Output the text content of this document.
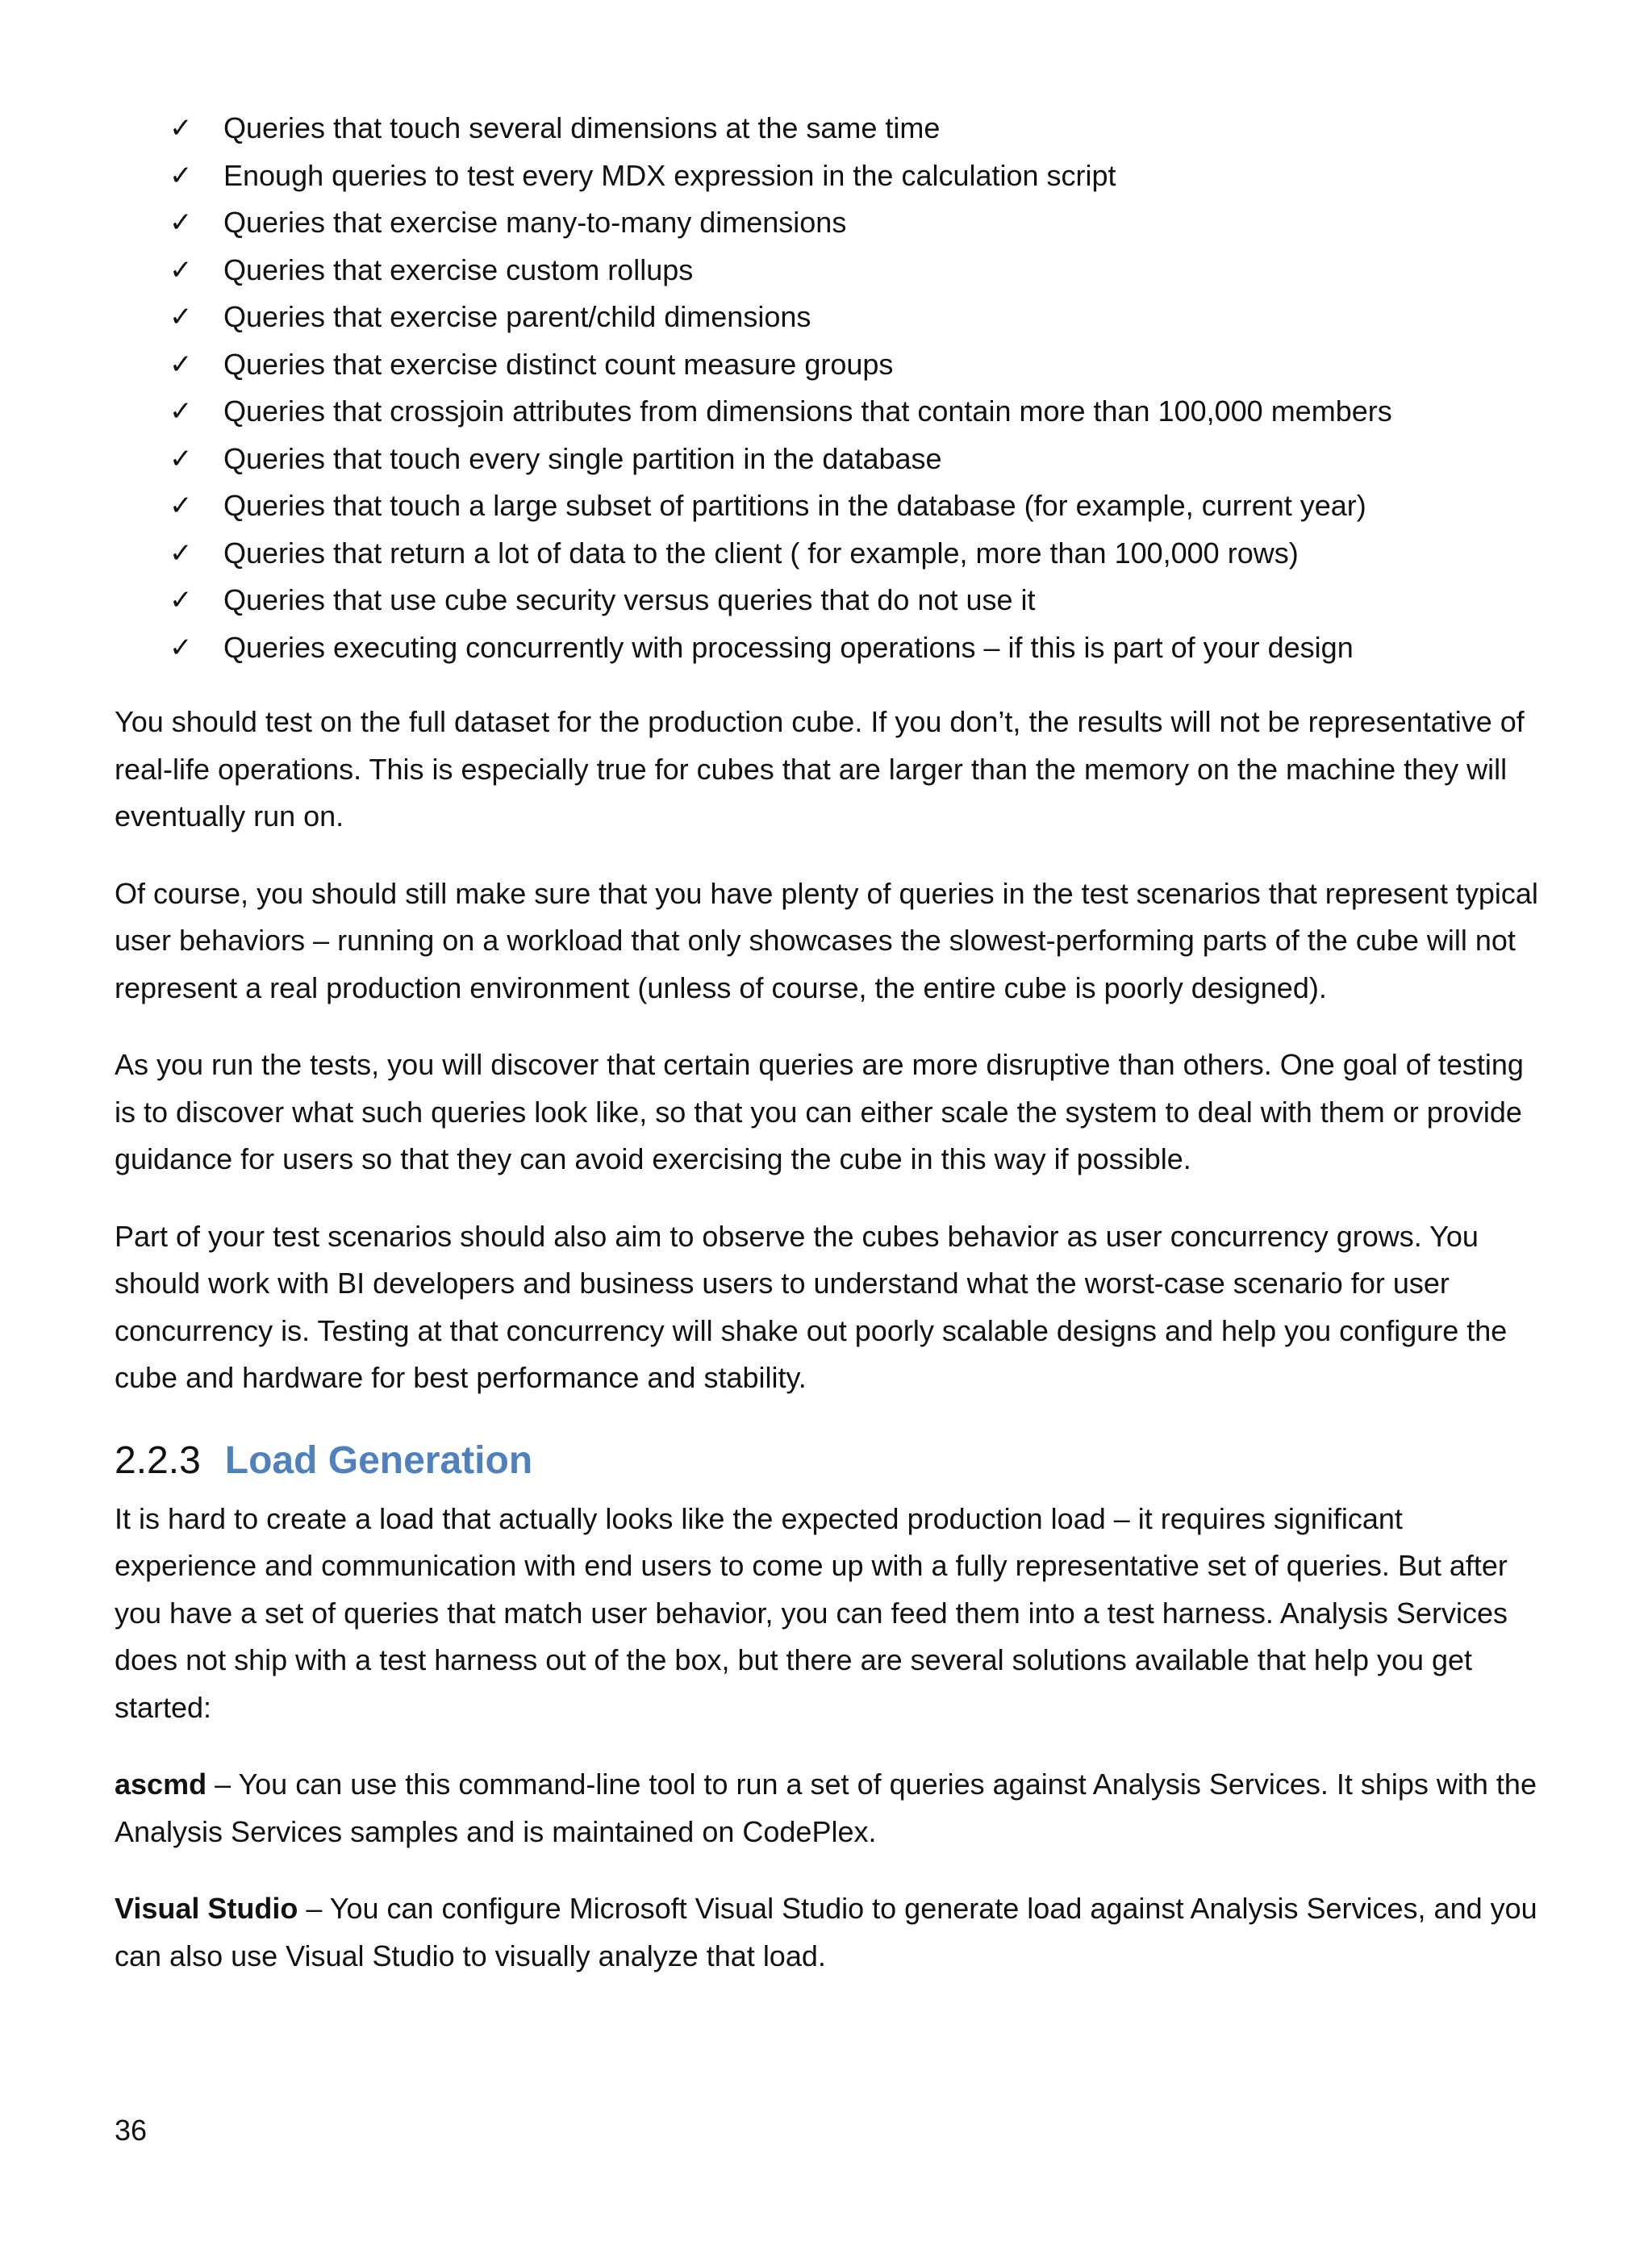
✓ Queries that touch several dimensions at the same time
✓ Enough queries to test every MDX expression in the calculation script
✓ Queries that exercise many-to-many dimensions
✓ Queries that exercise custom rollups
✓ Queries that exercise parent/child dimensions
✓ Queries that exercise distinct count measure groups
✓ Queries that crossjoin attributes from dimensions that contain more than 100,000 members
✓ Queries that touch every single partition in the database
✓ Queries that touch a large subset of partitions in the database (for example, current year)
✓ Queries that return a lot of data to the client ( for example, more than 100,000 rows)
✓ Queries that use cube security versus queries that do not use it
✓ Queries executing concurrently with processing operations – if this is part of your design

You should test on the full dataset for the production cube. If you don’t, the results will not be representative of real-life operations. This is especially true for cubes that are larger than the memory on the machine they will eventually run on.

Of course, you should still make sure that you have plenty of queries in the test scenarios that represent typical user behaviors – running on a workload that only showcases the slowest-performing parts of the cube will not represent a real production environment (unless of course, the entire cube is poorly designed).

As you run the tests, you will discover that certain queries are more disruptive than others. One goal of testing is to discover what such queries look like, so that you can either scale the system to deal with them or provide guidance for users so that they can avoid exercising the cube in this way if possible.

Part of your test scenarios should also aim to observe the cubes behavior as user concurrency grows. You should work with BI developers and business users to understand what the worst-case scenario for user concurrency is. Testing at that concurrency will shake out poorly scalable designs and help you configure the cube and hardware for best performance and stability.

2.2.3 Load Generation

It is hard to create a load that actually looks like the expected production load – it requires significant experience and communication with end users to come up with a fully representative set of queries. But after you have a set of queries that match user behavior, you can feed them into a test harness. Analysis Services does not ship with a test harness out of the box, but there are several solutions available that help you get started:

ascmd – You can use this command-line tool to run a set of queries against Analysis Services. It ships with the Analysis Services samples and is maintained on CodePlex.

Visual Studio – You can configure Microsoft Visual Studio to generate load against Analysis Services, and you can also use Visual Studio to visually analyze that load.

36
